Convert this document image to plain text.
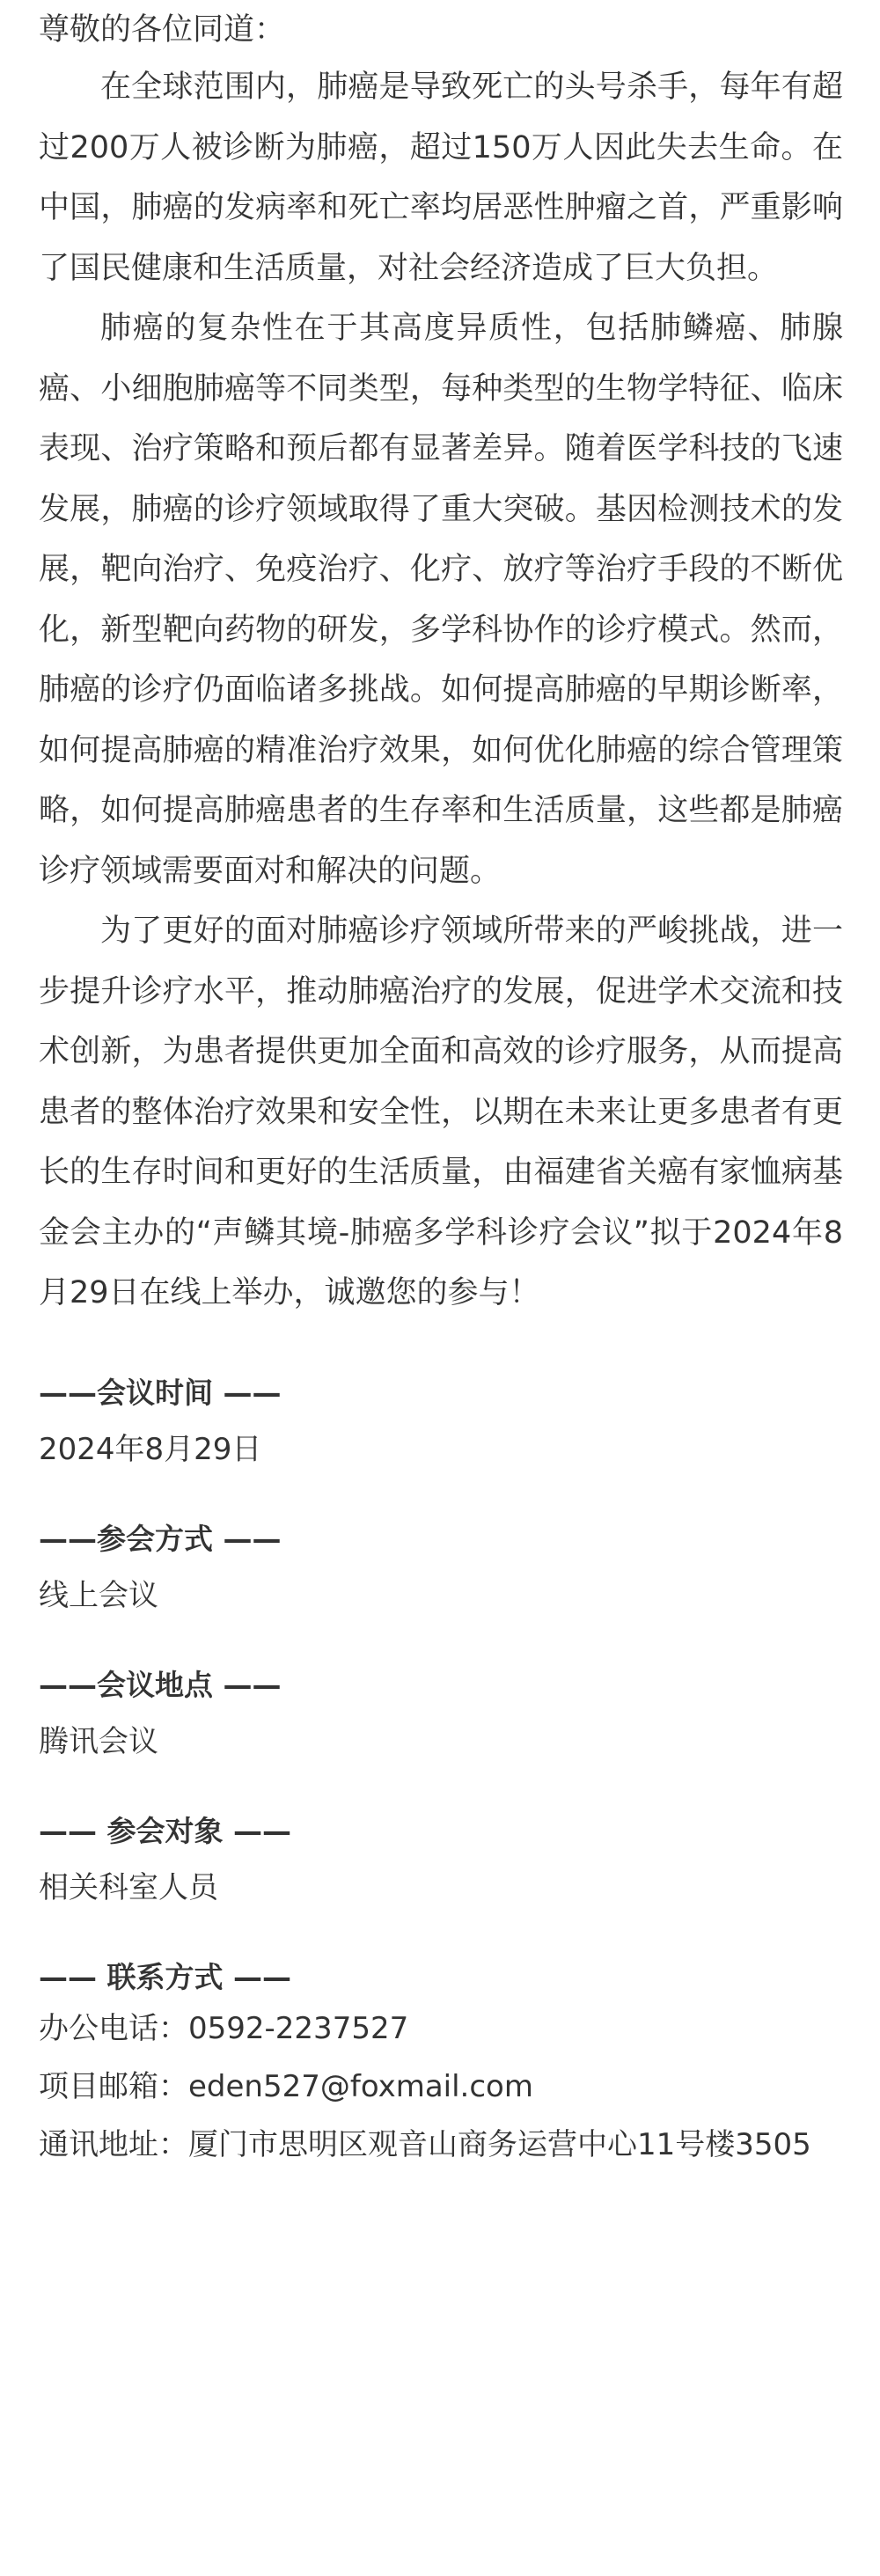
尊敬的各位同道：

在全球范围内，肺癌是导致死亡的头号杀手，每年有超过200万人被诊断为肺癌，超过150万人因此失去生命。在中国，肺癌的发病率和死亡率均居恶性肿瘤之首，严重影响了国民健康和生活质量，对社会经济造成了巨大负担。

肺癌的复杂性在于其高度异质性，包括肺鳞癌、肺腺癌、小细胞肺癌等不同类型，每种类型的生物学特征、临床表现、治疗策略和预后都有显著差异。随着医学科技的飞速发展，肺癌的诊疗领域取得了重大突破。基因检测技术的发展，靶向治疗、免疫治疗、化疗、放疗等治疗手段的不断优化，新型靶向药物的研发，多学科协作的诊疗模式。然而，肺癌的诊疗仍面临诸多挑战。如何提高肺癌的早期诊断率，如何提高肺癌的精准治疗效果，如何优化肺癌的综合管理策略，如何提高肺癌患者的生存率和生活质量，这些都是肺癌诊疗领域需要面对和解决的问题。

为了更好的面对肺癌诊疗领域所带来的严峻挑战，进一步提升诊疗水平，推动肺癌治疗的发展，促进学术交流和技术创新，为患者提供更加全面和高效的诊疗服务，从而提高患者的整体治疗效果和安全性，以期在未来让更多患者有更长的生存时间和更好的生活质量，由福建省关癌有家恤病基金会主办的“声鳞其境-肺癌多学科诊疗会议”拟于2024年8月29日在线上举办，诚邀您的参与！

——会议时间 ——
2024年8月29日
——参会方式 ——
线上会议
——会议地点 ——
腾讯会议
—— 参会对象 ——
相关科室人员
—— 联系方式 ——
办公电话：0592-2237527
项目邮箱：eden527@foxmail.com
通讯地址：厦门市思明区观音山商务运营中心11号楼3505
